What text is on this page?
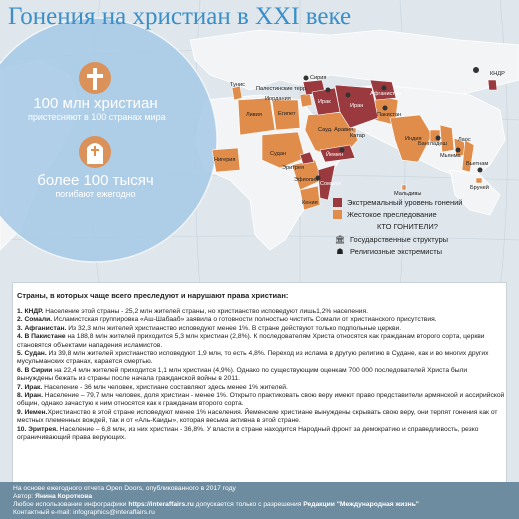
Гонения на христиан в XXI веке
100 млн христиан
пристесняют в 100 странах мира
более 100 тысяч
погибают ежегодно
Тунис
Ливия	Египет
Палестинские терр.
Иордания
Сирия
Ирак
Иран
Сауд. Аравия
Катар
Афганистан
Пакистан
Индия
Судан
Эритрея
Эфиопия
Кения
Сомали
Йемен
Нигерия
Мальдивы
Бангладеш
Мьянма
Лаос
Вьетнам
Бруней
КНДР
Экстремальный уровень гонений
Жестокое преследование
КТО ГОНИТЕЛИ?
🏛 Государственные структуры
☗ Религиозные экстремисты
Страны, в которых чаще всего преследуют и нарушают права христиан:
1. КНДР. Население этой страны - 25,2 млн жителей страны, но христианство исповедуют лишь1,2% населения.
2. Сомали. Исламистская группировка «Аш-Шабааб» заявила о готовности полностью чистить Сомали от христианского присутствия.
3. Афганистан. Из 32,3 млн жителей христианство исповедуют менее 1%. В стране действуют только подпольные церкви.
4. В Пакистане на 188,8 млн жителей приходится 5,3 млн христиан (2,8%). К последователям Христа относятся как гражданам второго сорта, церкви становятся объектами нападения исламистов.
5. Судан. Из 39,8 млн жителей христианство исповедуют 1,9 млн, то есть 4,8%. Переход из ислама в другую религию в Судане, как и во многих других мусульманских странах, карается смертью.
6. В Сирии на 22,4 млн жителей приходится 1,1 млн христиан (4,9%). Однако по существующим оценкам 700 000 последователей Христа были вынуждены бежать из страны после начала гражданской войны в 2011.
7. Ирак. Население - 36 млн человек, христиане составляют здесь менее 1% жителей.
8. Иран. Население – 79,7 млн человек, доля христиан - менее 1%. Открыто практиковать свою веру имеют право представители армянской и ассирийской общин, однако зачастую к ним относятся как к гражданам второго сорта.
9. Иемен.Христианство в этой стране исповедуют менее 1% населения. Йеменские христиане вынуждены скрывать свою веру, они терпят гонения как от местных племенных вождей, так и от «Аль-Каиды», которая весьма активна в этой стране.
10. Эритрея. Население – 6,8 млн, из них христиан - 36,8%. У власти в стране находится Народный фронт за демократию и справедливость, резко ограничивающий права верующих.
На основе ежегодного отчета Open Doors, опубликованного в 2017 году
Автор: Янина Короткова
Любое использование инфографики https://interaffairs.ru допускается только с разрешения Редакции "Международная жизнь"
Контактный e-mail: infographics@interaffairs.ru
